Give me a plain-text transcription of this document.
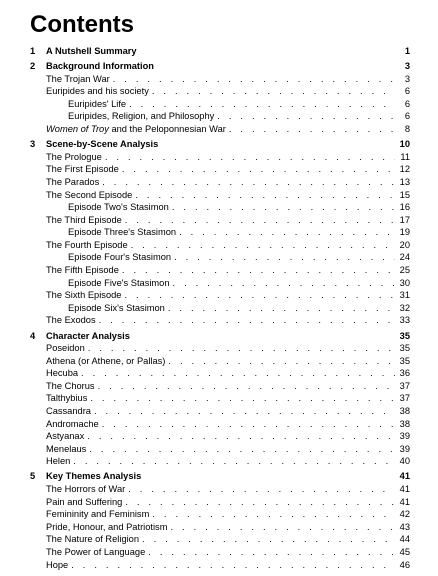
Contents
1	A Nutshell Summary	1
2	Background Information	3
The Trojan War . . .	3
Euripides and his society . . .	6
Euripides' Life . . .	6
Euripides, Religion, and Philosophy . . .	6
Women of Troy and the Peloponnesian War . . .	8
3	Scene-by-Scene Analysis	10
The Prologue . . .	11
The First Episode . . .	12
The Parados . . .	13
The Second Episode . . .	15
Episode Two's Stasimon . . .	16
The Third Episode . . .	17
Episode Three's Stasimon . . .	19
The Fourth Episode . . .	20
Episode Four's Stasimon . . .	24
The Fifth Episode . . .	25
Episode Five's Stasimon . . .	30
The Sixth Episode . . .	31
Episode Six's Stasimon . . .	32
The Exodos . . .	33
4	Character Analysis	35
Poseidon . . .	35
Athena (or Athene, or Pallas) . . .	35
Hecuba . . .	36
The Chorus . . .	37
Talthybius . . .	37
Cassandra . . .	38
Andromache . . .	38
Astyanax . . .	39
Menelaus . . .	39
Helen . . .	40
5	Key Themes Analysis	41
The Horrors of War . . .	41
Pain and Suffering . . .	41
Femininity and Feminism . . .	42
Pride, Honour, and Patriotism . . .	43
The Nature of Religion . . .	44
The Power of Language . . .	45
Hope . . .	46
